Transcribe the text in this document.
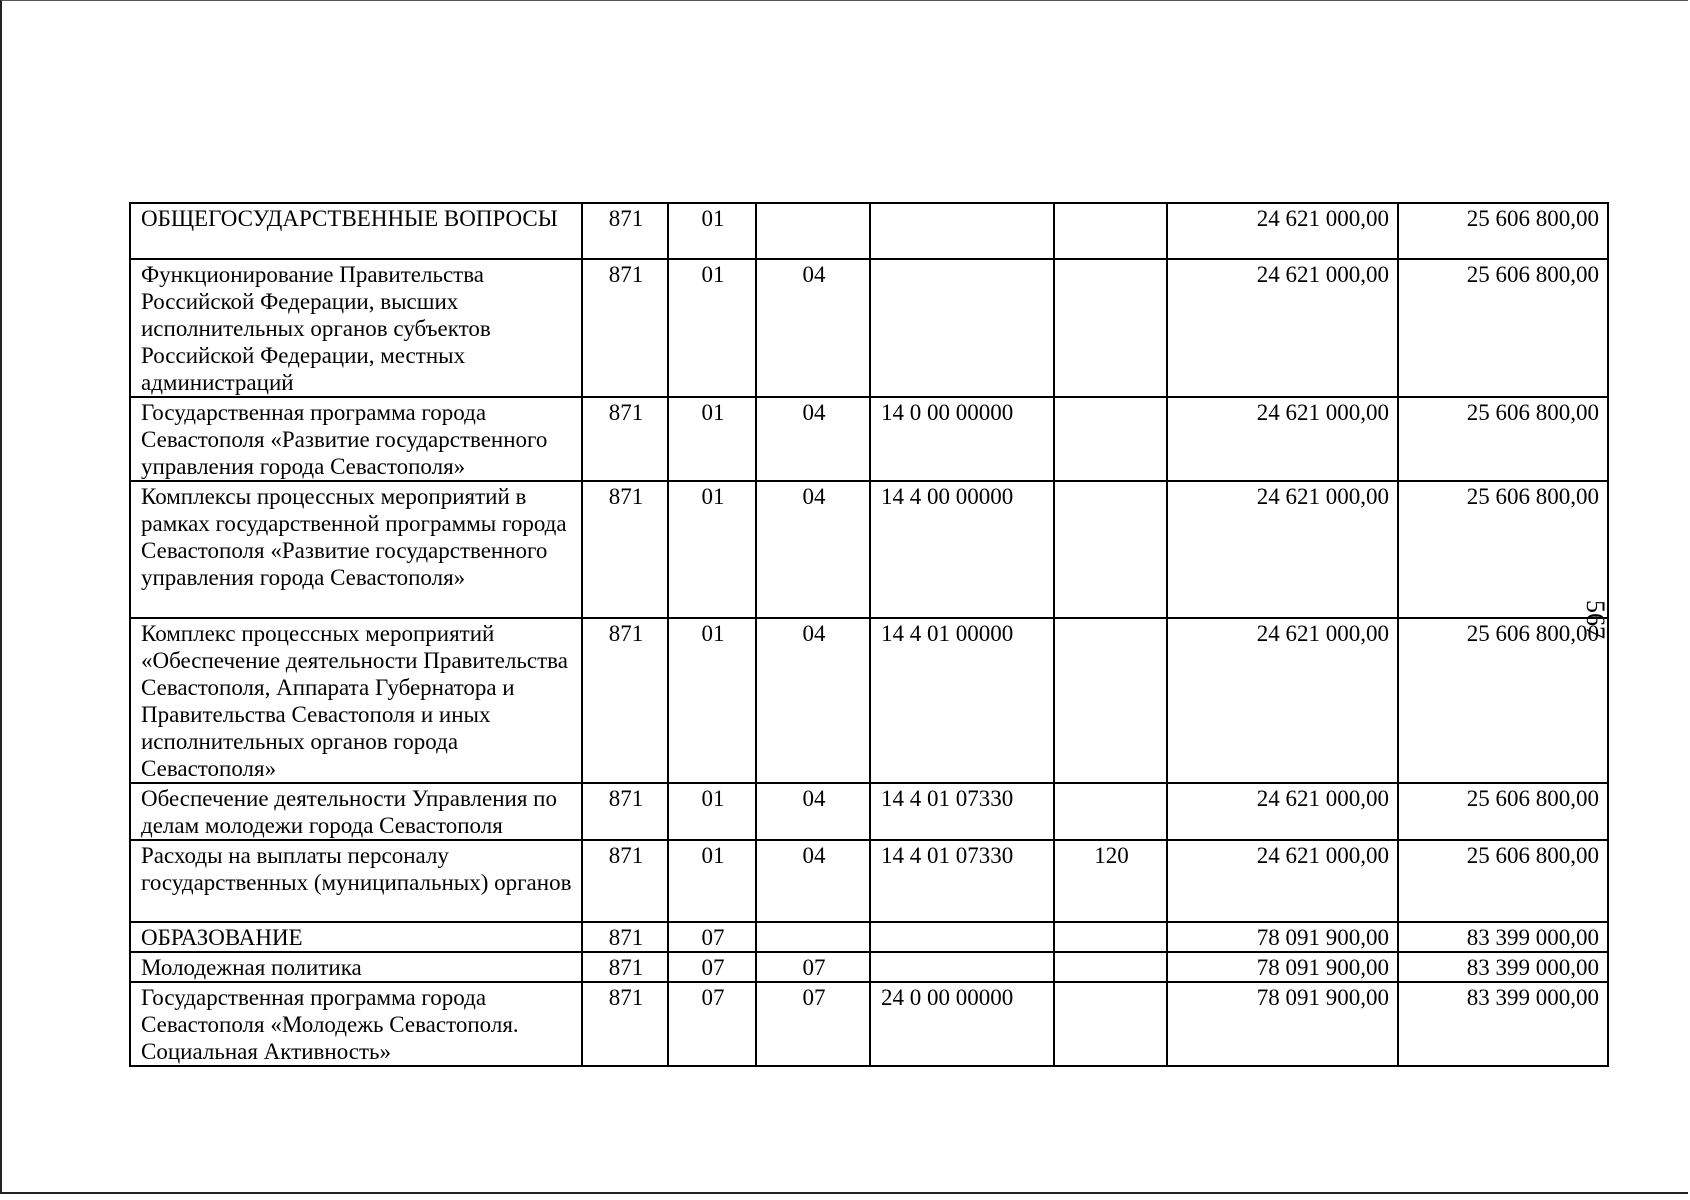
ОБЩЕГОСУДАРСТВЕННЫЕ ВОПРОСЫ	871	01				24 621 000,00	25 606 800,00
Функционирование Правительства Российской Федерации, высших исполнительных органов субъектов Российской Федерации, местных администраций	871	01	04			24 621 000,00	25 606 800,00
Государственная программа города Севастополя «Развитие государственного управления города Севастополя»	871	01	04	14 0 00 00000		24 621 000,00	25 606 800,00
Комплексы процессных мероприятий в рамках государственной программы города Севастополя «Развитие государственного управления города Севастополя»	871	01	04	14 4 00 00000		24 621 000,00	25 606 800,00
Комплекс процессных мероприятий «Обеспечение деятельности Правительства Севастополя, Аппарата Губернатора и Правительства Севастополя и иных исполнительных органов города Севастополя»	871	01	04	14 4 01 00000		24 621 000,00	25 606 800,00
Обеспечение деятельности Управления по делам молодежи города Севастополя	871	01	04	14 4 01 07330		24 621 000,00	25 606 800,00
Расходы на выплаты персоналу государственных (муниципальных) органов	871	01	04	14 4 01 07330	120	24 621 000,00	25 606 800,00
ОБРАЗОВАНИЕ	871	07				78 091 900,00	83 399 000,00
Молодежная политика	871	07	07			78 091 900,00	83 399 000,00
Государственная программа города Севастополя «Молодежь Севастополя. Социальная Активность»	871	07	07	24 0 00 00000		78 091 900,00	83 399 000,00
567
